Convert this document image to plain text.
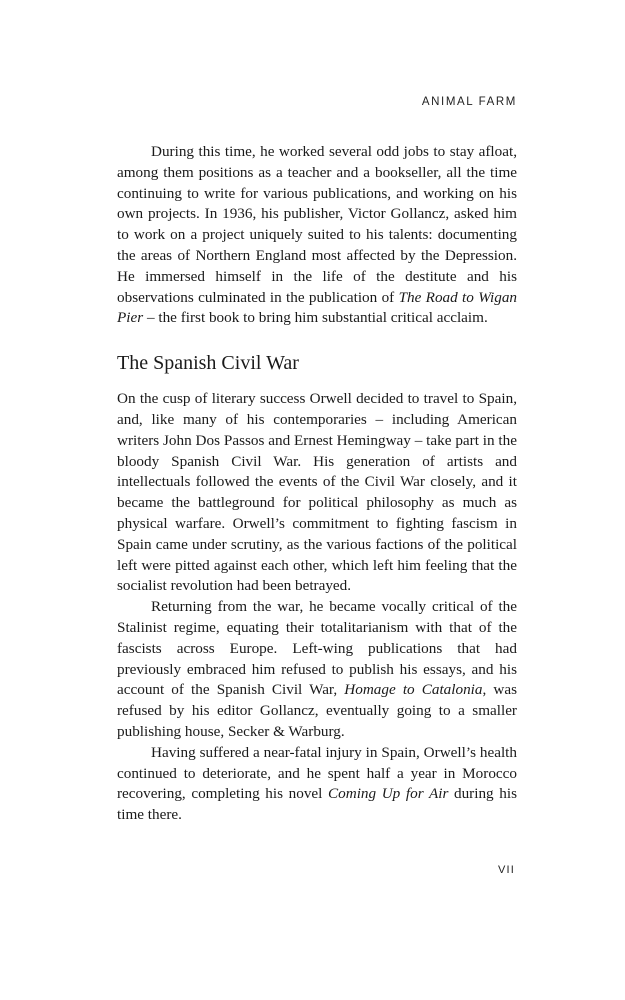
ANIMAL FARM

During this time, he worked several odd jobs to stay afloat, among them positions as a teacher and a bookseller, all the time continuing to write for various publications, and working on his own projects. In 1936, his publisher, Victor Gollancz, asked him to work on a project uniquely suited to his talents: documenting the areas of Northern England most affected by the Depression. He immersed himself in the life of the destitute and his observations culminated in the publication of The Road to Wigan Pier – the first book to bring him substantial critical acclaim.

The Spanish Civil War

On the cusp of literary success Orwell decided to travel to Spain, and, like many of his contemporaries – including American writers John Dos Passos and Ernest Hemingway – take part in the bloody Spanish Civil War. His generation of artists and intellectuals followed the events of the Civil War closely, and it became the battleground for political philosophy as much as physical warfare. Orwell’s commitment to fighting fascism in Spain came under scrutiny, as the various factions of the political left were pitted against each other, which left him feeling that the socialist revolution had been betrayed.

Returning from the war, he became vocally critical of the Stalinist regime, equating their totalitarianism with that of the fascists across Europe. Left-wing publications that had previously embraced him refused to publish his essays, and his account of the Spanish Civil War, Homage to Catalonia, was refused by his editor Gollancz, eventually going to a smaller publishing house, Secker & Warburg.

Having suffered a near-fatal injury in Spain, Orwell’s health continued to deteriorate, and he spent half a year in Morocco recovering, completing his novel Coming Up for Air during his time there.

VII
